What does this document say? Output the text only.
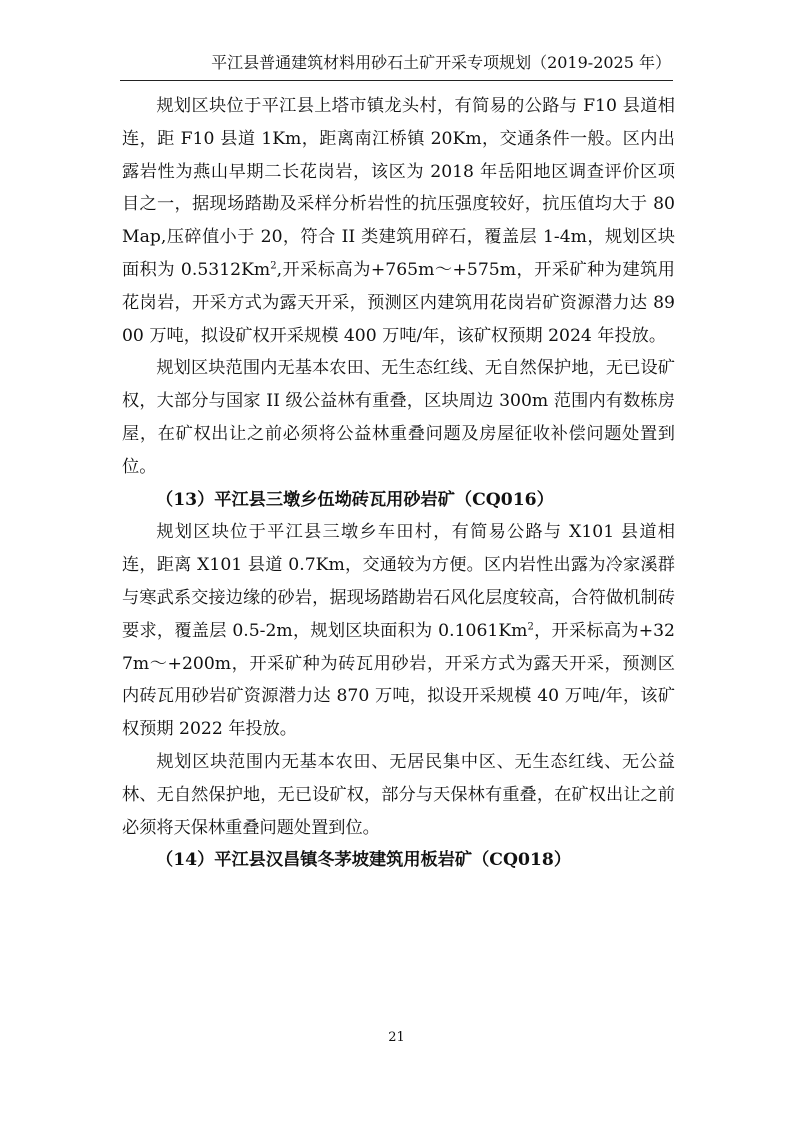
平江县普通建筑材料用砂石土矿开采专项规划（2019-2025 年）

规划区块位于平江县上塔市镇龙头村，有简易的公路与 F10 县道相连，距 F10 县道 1Km，距离南江桥镇 20Km，交通条件一般。区内出露岩性为燕山早期二长花岗岩，该区为 2018 年岳阳地区调查评价区项目之一，据现场踏勘及采样分析岩性的抗压强度较好，抗压值均大于 80Map,压碎值小于 20，符合 II 类建筑用碎石，覆盖层 1-4m，规划区块面积为 0.5312Km$^2$,开采标高为+765m～+575m，开采矿种为建筑用花岗岩，开采方式为露天开采，预测区内建筑用花岗岩矿资源潜力达 8900 万吨，拟设矿权开采规模 400 万吨/年，该矿权预期 2024 年投放。

规划区块范围内无基本农田、无生态红线、无自然保护地，无已设矿权，大部分与国家 II 级公益林有重叠，区块周边 300m 范围内有数栋房屋，在矿权出让之前必须将公益林重叠问题及房屋征收补偿问题处置到位。

（13）平江县三墩乡伍坳砖瓦用砂岩矿（CQ016）

规划区块位于平江县三墩乡车田村，有简易公路与 X101 县道相连，距离 X101 县道 0.7Km，交通较为方便。区内岩性出露为冷家溪群与寒武系交接边缘的砂岩，据现场踏勘岩石风化层度较高，合符做机制砖要求，覆盖层 0.5-2m，规划区块面积为 0.1061Km$^2$，开采标高为+327m～+200m，开采矿种为砖瓦用砂岩，开采方式为露天开采，预测区内砖瓦用砂岩矿资源潜力达 870 万吨，拟设开采规模 40 万吨/年，该矿权预期 2022 年投放。

规划区块范围内无基本农田、无居民集中区、无生态红线、无公益林、无自然保护地，无已设矿权，部分与天保林有重叠，在矿权出让之前必须将天保林重叠问题处置到位。

（14）平江县汉昌镇冬茅坡建筑用板岩矿（CQ018）

21
